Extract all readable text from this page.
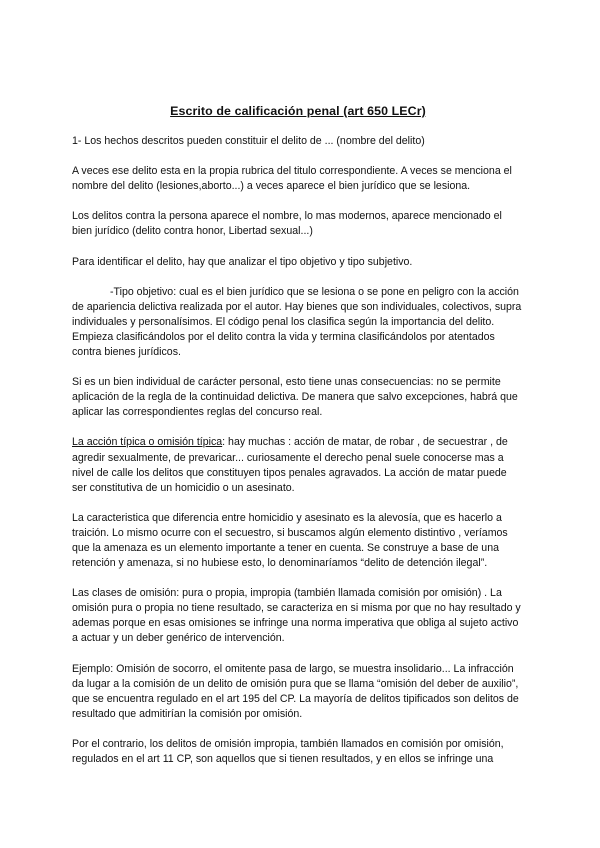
Escrito de calificación penal (art 650 LECr)

1- Los hechos descritos pueden constituir el delito de ... (nombre del delito)

A veces ese delito esta en la propia rubrica del titulo correspondiente. A veces se menciona el nombre del delito (lesiones,aborto...) a veces aparece el bien jurídico que se lesiona.

Los delitos contra la persona aparece el nombre, lo mas modernos, aparece mencionado el bien jurídico (delito contra honor, Libertad sexual...)

Para identificar el delito, hay que analizar el tipo objetivo y tipo subjetivo.

-Tipo objetivo: cual es el bien jurídico que se lesiona o se pone en peligro con la acción de apariencia delictiva realizada por el autor. Hay bienes que son individuales, colectivos, supra individuales y personalísimos. El código penal los clasifica según la importancia del delito. Empieza clasificándolos por el delito contra la vida y termina clasificándolos por atentados contra bienes jurídicos.

Si es un bien individual de carácter personal, esto tiene unas consecuencias: no se permite aplicación de la regla de la continuidad delictiva. De manera que salvo excepciones, habrá que aplicar las correspondientes reglas del concurso real.

La acción típica o omisión típica: hay muchas : acción de matar, de robar , de secuestrar , de agredir sexualmente, de prevaricar... curiosamente el derecho penal suele conocerse mas a nivel de calle los delitos que constituyen tipos penales agravados. La acción de matar puede ser constitutiva de un homicidio o un asesinato.

La caracteristica que diferencia entre homicidio y asesinato es la alevosía, que es hacerlo a traición. Lo mismo ocurre con el secuestro, si buscamos algún elemento distintivo , veríamos que la amenaza es un elemento importante a tener en cuenta. Se construye a base de una retención y amenaza, si no hubiese esto, lo denominaríamos “delito de detención ilegal”.

Las clases de omisión: pura o propia, impropia (también llamada comisión por omisión) . La omisión pura o propia no tiene resultado, se caracteriza en si misma por que no hay resultado y ademas porque en esas omisiones se infringe una norma imperativa que obliga al sujeto activo a actuar y un deber genérico de intervención.

Ejemplo: Omisión de socorro, el omitente pasa de largo, se muestra insolidario... La infracción da lugar a la comisión de un delito de omisión pura que se llama “omisión del deber de auxilio”, que se encuentra regulado en el art 195 del CP. La mayoría de delitos tipificados son delitos de resultado que admitirían la comisión por omisión.

Por el contrario, los delitos de omisión impropia, también llamados en comisión por omisión, regulados en el art 11 CP, son aquellos que si tienen resultados, y en ellos se infringe una
